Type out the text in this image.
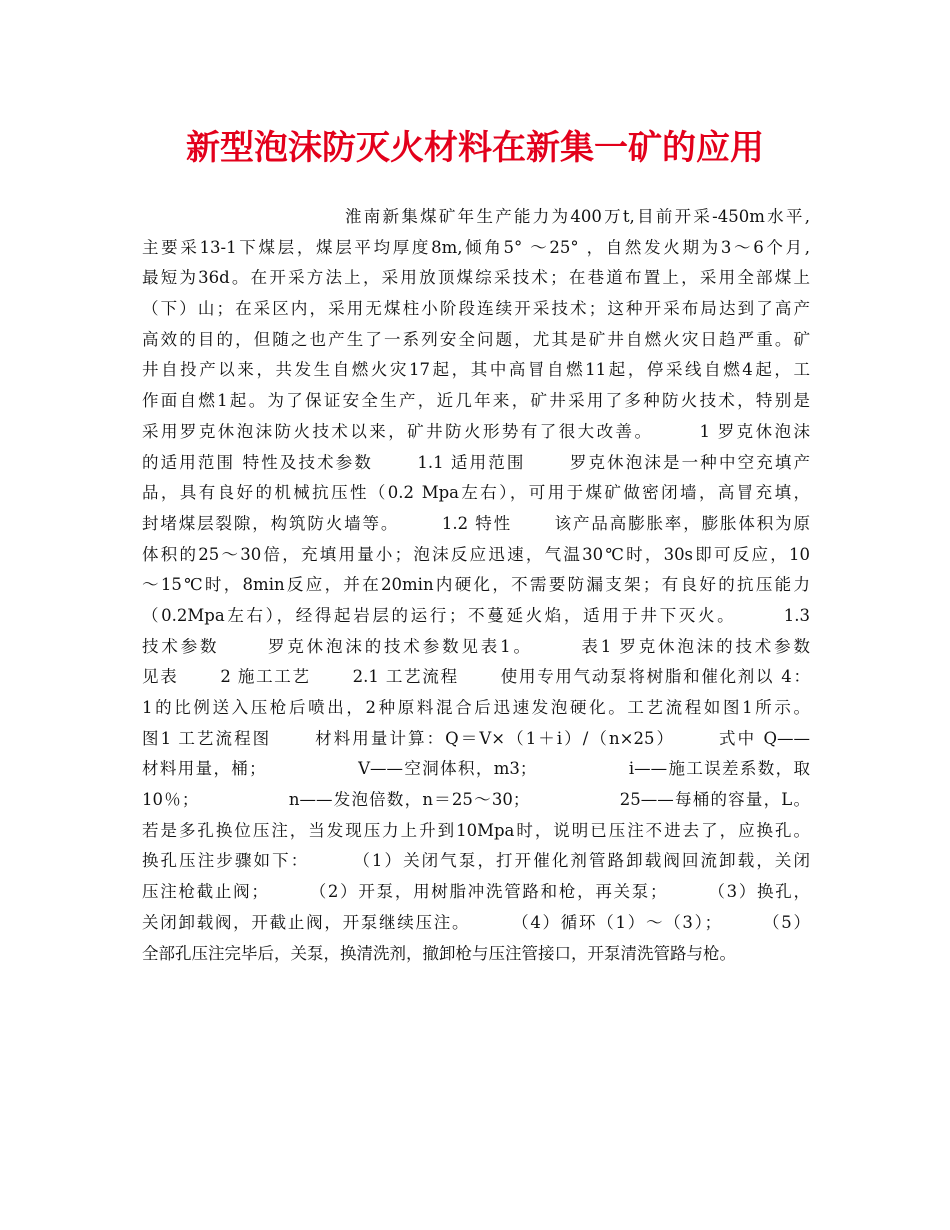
新型泡沫防灭火材料在新集一矿的应用
淮南新集煤矿年生产能力为400万t,目前开采-450m水平,
主要采13-1下煤层，煤层平均厚度8m,倾角5° ～25° ，自然发火期为3～6个月,
最短为36d。在开采方法上，采用放顶煤综采技术；在巷道布置上，采用全部煤上
（下）山；在采区内，采用无煤柱小阶段连续开采技术；这种开采布局达到了高产
高效的目的，但随之也产生了一系列安全问题，尤其是矿井自燃火灾日趋严重。矿
井自投产以来，共发生自燃火灾17起，其中高冒自燃11起，停采线自燃4起，工
作面自燃1起。为了保证安全生产，近几年来，矿井采用了多种防火技术，特别是
采用罗克休泡沫防火技术以来，矿井防火形势有了很大改善。      1 罗克休泡沫
的适用范围 特性及技术参数      1.1 适用范围      罗克休泡沫是一种中空充填产
品，具有良好的机械抗压性（0.2 Mpa左右），可用于煤矿做密闭墙，高冒充填，
封堵煤层裂隙，构筑防火墙等。      1.2 特性      该产品高膨胀率，膨胀体积为原
体积的25～30倍，充填用量小；泡沫反应迅速，气温30℃时，30s即可反应，10
～15℃时，8min反应，并在20min内硬化，不需要防漏支架；有良好的抗压能力
（0.2Mpa左右），经得起岩层的运行；不蔓延火焰，适用于井下灭火。      1.3
技术参数      罗克休泡沫的技术参数见表1。      表1 罗克休泡沫的技术参数
见表      2 施工工艺      2.1 工艺流程      使用专用气动泵将树脂和催化剂以 4：
1的比例送入压枪后喷出，2种原料混合后迅速发泡硬化。工艺流程如图1所示。
图1 工艺流程图      材料用量计算：Q＝V×（1＋i）/（n×25）      式中 Q——
材料用量，桶；              V——空洞体积，m3；              i——施工误差系数，取
10％；              n——发泡倍数，n＝25～30；              25——每桶的容量，L。
若是多孔换位压注，当发现压力上升到10Mpa时，说明已压注不进去了，应换孔。
换孔压注步骤如下：      （1）关闭气泵，打开催化剂管路卸载阀回流卸载，关闭
压注枪截止阀；      （2）开泵，用树脂冲洗管路和枪，再关泵；      （3）换孔，
关闭卸载阀，开截止阀，开泵继续压注。      （4）循环（1）～（3）；      （5）
全部孔压注完毕后，关泵，换清洗剂，撤卸枪与压注管接口，开泵清洗管路与枪。
